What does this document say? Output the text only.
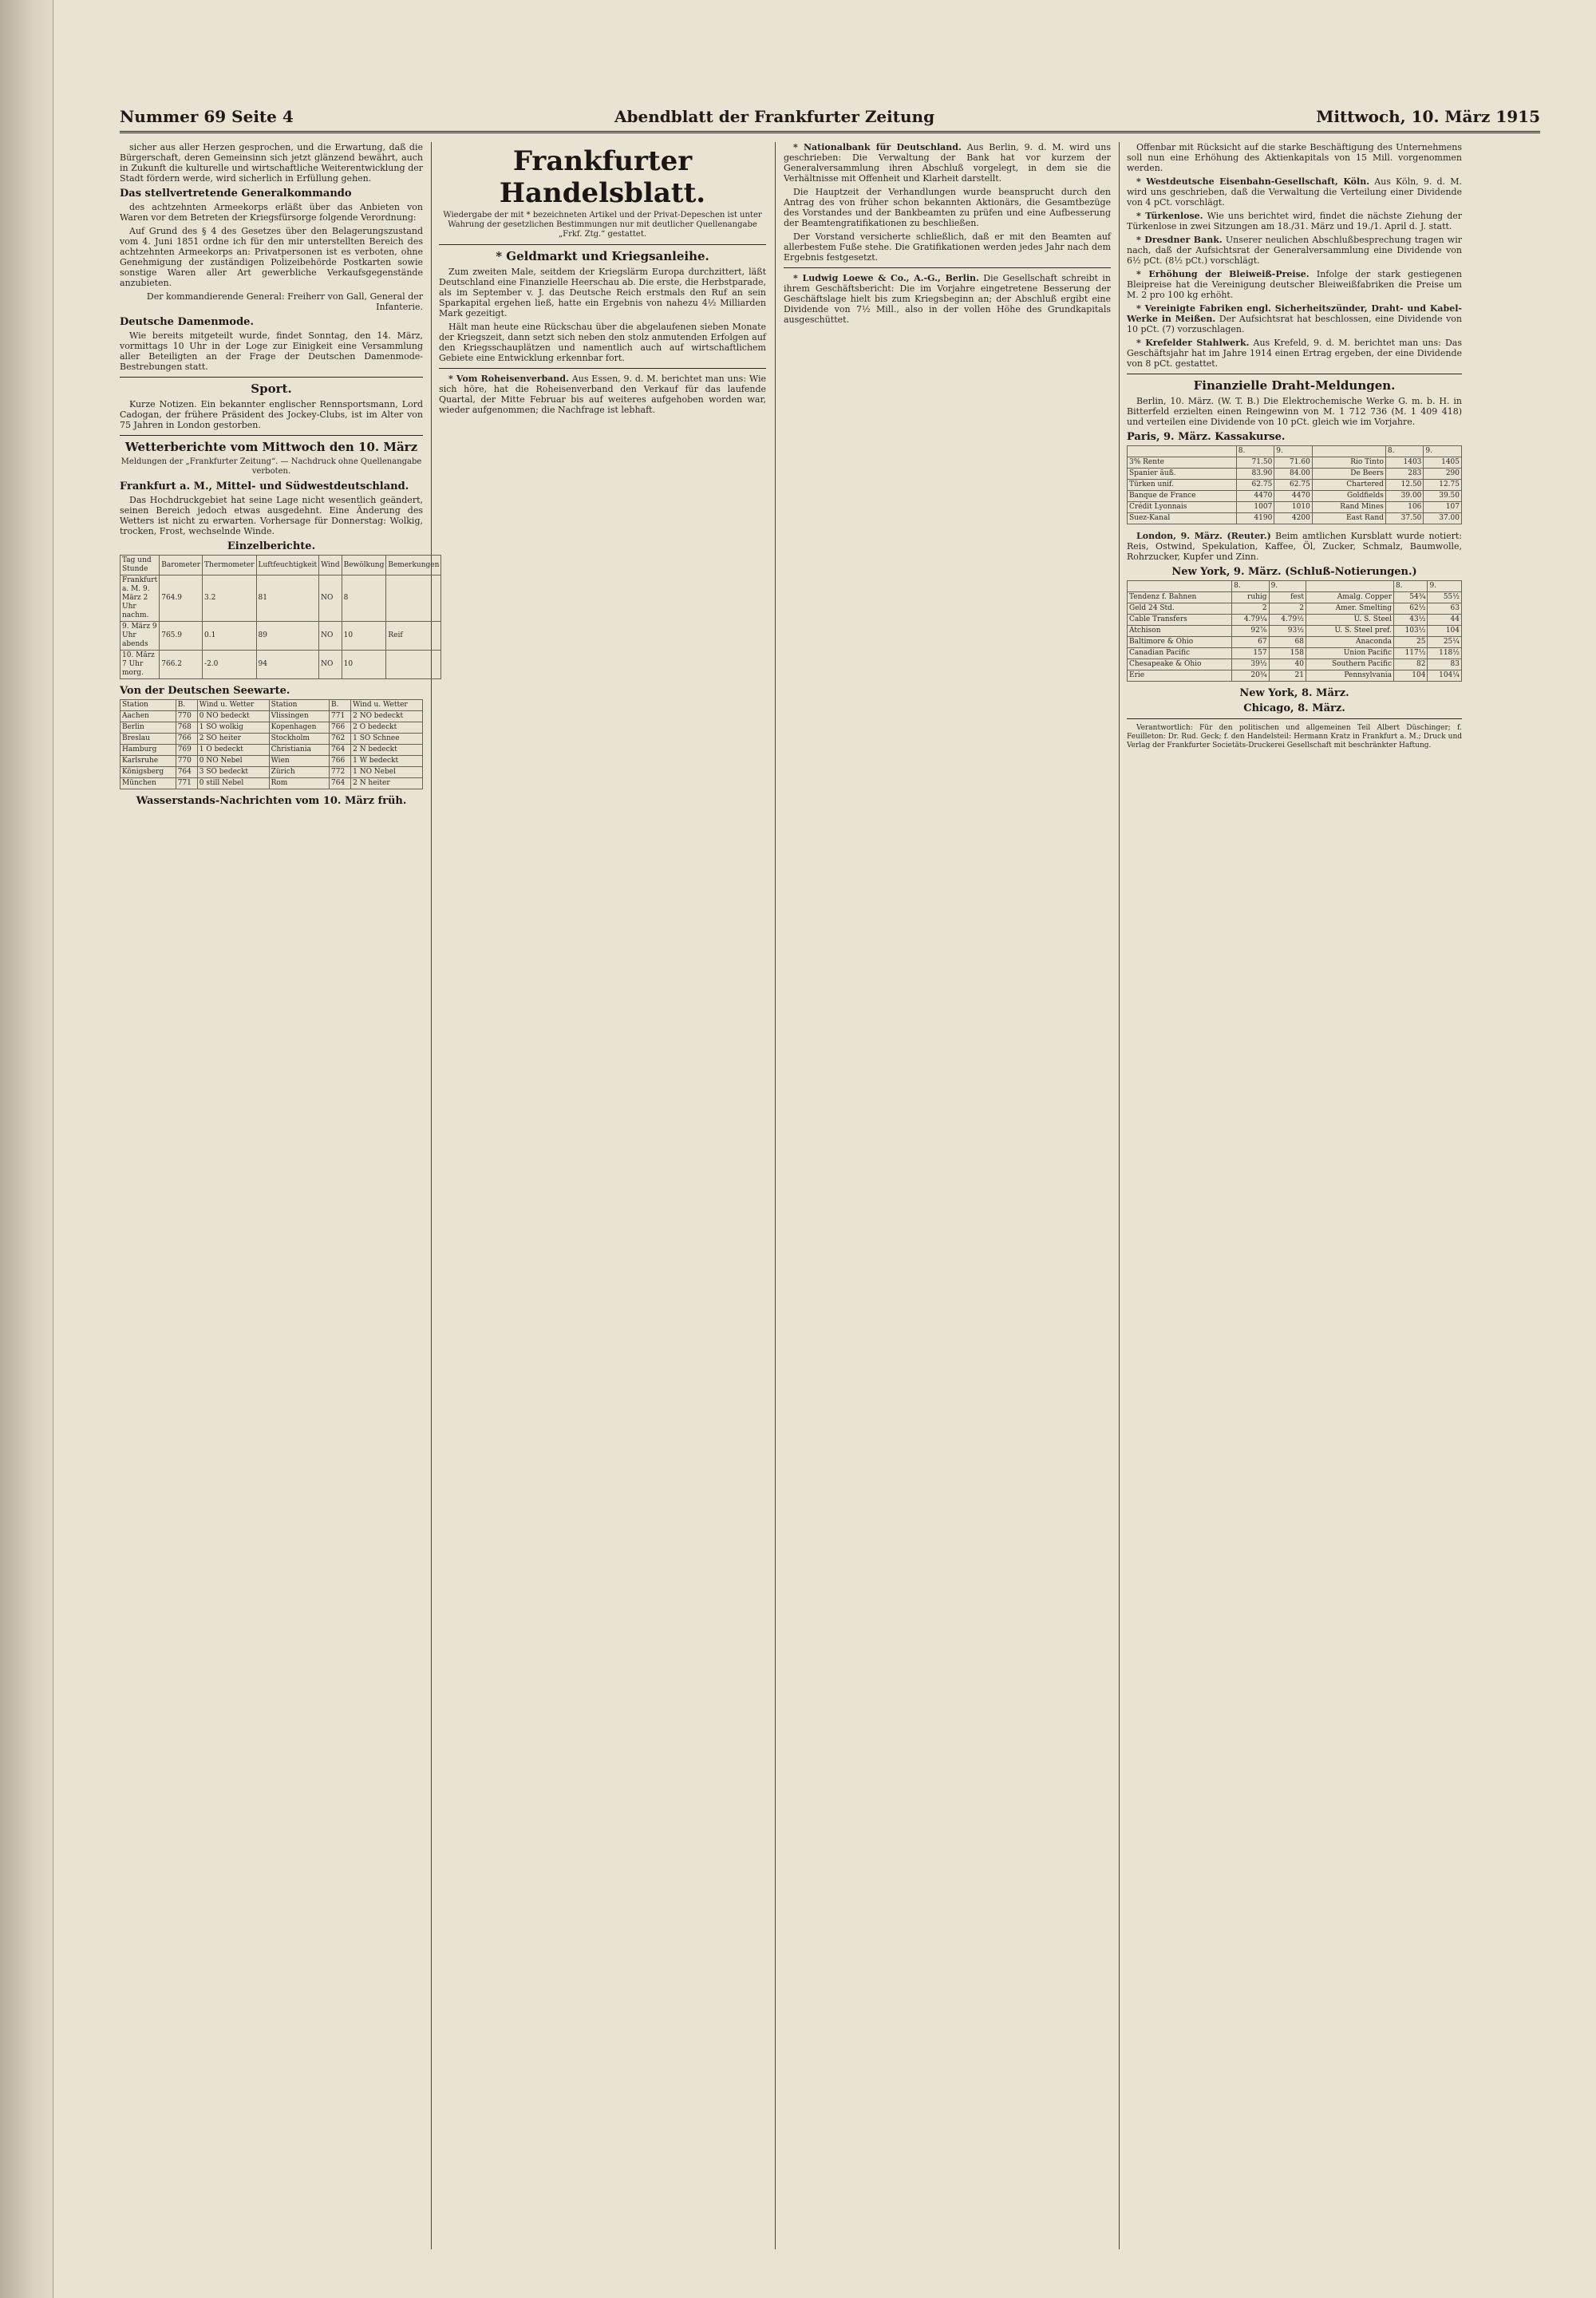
Nummer 69 Seite 4	Abendblatt der Frankfurter Zeitung	Mittwoch, 10. März 1915

sicher aus aller Herzen gesprochen, und die Erwartung, daß die Bürgerschaft, deren Gemeinsinn sich jetzt glänzend bewährt, auch in Zukunft die kulturelle und wirtschaftliche Weiterentwicklung der Stadt fördern werde, wird sicherlich in Erfüllung gehen.

Das stellvertretende Generalkommando

des achtzehnten Armeekorps erläßt über das Anbieten von Waren vor dem Betreten der Kriegsfürsorge folgende Verordnung:

Auf Grund des § 4 des Gesetzes über den Belagerungszustand vom 4. Juni 1851 ordne ich für den mir unterstellten Bereich des achtzehnten Armeekorps an: Privatpersonen ist es verboten, ohne Genehmigung der zuständigen Polizeibehörde Postkarten sowie sonstige Waren aller Art gewerbliche Verkaufsgegenstände anzubieten.

Der kommandierende General: Freiherr von Gall, General der Infanterie.

Deutsche Damenmode.

Wie bereits mitgeteilt wurde, findet Sonntag, den 14. März, vormittags 10 Uhr in der Loge zur Einigkeit eine Versammlung aller Beteiligten an der Frage der Deutschen Damenmode-Bestrebungen statt.

Sport.

Kurze Notizen. Ein bekannter englischer Rennsportsmann, Lord Cadogan, der frühere Präsident des Jockey-Clubs, ist im Alter von 75 Jahren in London gestorben.

Wetterberichte vom Mittwoch den 10. März
Meldungen der „Frankfurter Zeitung“. — Nachdruck ohne Quellenangabe verboten.
Frankfurt a. M., Mittel- und Südwestdeutschland.

Das Hochdruckgebiet hat seine Lage nicht wesentlich geändert, seinen Bereich jedoch etwas ausgedehnt. Eine Änderung des Wetters ist nicht zu erwarten. Vorhersage für Donnerstag: Wolkig, trocken, Frost, wechselnde Winde.

Einzelberichte.
Tag und Stunde	Barometer	Thermometer	Luftfeuchtigkeit	Wind	Bewölkung	Bemerkungen
Frankfurt a. M. 9. März 2 Uhr nachm.	764.9	3.2	81	NO	8	
9. März 9 Uhr abends	765.9	0.1	89	NO	10	Reif
10. März 7 Uhr morg.	766.2	-2.0	94	NO	10	
Von der Deutschen Seewarte.
Station	B.	Wind u. Wetter	Station	B.	Wind u. Wetter
Aachen	770	0 NO bedeckt	Vlissingen	771	2 NO bedeckt
Berlin	768	1 SO wolkig	Kopenhagen	766	2 O bedeckt
Breslau	766	2 SO heiter	Stockholm	762	1 SO Schnee
Hamburg	769	1 O bedeckt	Christiania	764	2 N bedeckt
Karlsruhe	770	0 NO Nebel	Wien	766	1 W bedeckt
Königsberg	764	3 SO bedeckt	Zürich	772	1 NO Nebel
München	771	0 still Nebel	Rom	764	2 N heiter
Wasserstands-Nachrichten vom 10. März früh.
Frankfurter Handelsblatt.
Wiedergabe der mit * bezeichneten Artikel und der Privat-Depeschen ist unter Wahrung der gesetzlichen Bestimmungen nur mit deutlicher Quellenangabe „Frkf. Ztg.“ gestattet.
* Geldmarkt und Kriegsanleihe.

Zum zweiten Male, seitdem der Kriegslärm Europa durchzittert, läßt Deutschland eine Finanzielle Heerschau ab. Die erste, die Herbstparade, als im September v. J. das Deutsche Reich erstmals den Ruf an sein Sparkapital ergehen ließ, hatte ein Ergebnis von nahezu 4½ Milliarden Mark gezeitigt.

Hält man heute eine Rückschau über die abgelaufenen sieben Monate der Kriegszeit, dann setzt sich neben den stolz anmutenden Erfolgen auf den Kriegsschauplätzen und namentlich auch auf wirtschaftlichem Gebiete eine Entwicklung erkennbar fort.

* Vom Roheisenverband. Aus Essen, 9. d. M. berichtet man uns: Wie sich höre, hat die Roheisenverband den Verkauf für das laufende Quartal, der Mitte Februar bis auf weiteres aufgehoben worden war, wieder aufgenommen; die Nachfrage ist lebhaft.

* Nationalbank für Deutschland. Aus Berlin, 9. d. M. wird uns geschrieben: Die Verwaltung der Bank hat vor kurzem der Generalversammlung ihren Abschluß vorgelegt, in dem sie die Verhältnisse mit Offenheit und Klarheit darstellt.

Die Hauptzeit der Verhandlungen wurde beansprucht durch den Antrag des von früher schon bekannten Aktionärs, die Gesamtbezüge des Vorstandes und der Bankbeamten zu prüfen und eine Aufbesserung der Beamtengratifikationen zu beschließen.

Der Vorstand versicherte schließlich, daß er mit den Beamten auf allerbestem Fuße stehe. Die Gratifikationen werden jedes Jahr nach dem Ergebnis festgesetzt.

* Ludwig Loewe & Co., A.-G., Berlin. Die Gesellschaft schreibt in ihrem Geschäftsbericht: Die im Vorjahre eingetretene Besserung der Geschäftslage hielt bis zum Kriegsbeginn an; der Abschluß ergibt eine Dividende von 7½ Mill., also in der vollen Höhe des Grundkapitals ausgeschüttet.

Offenbar mit Rücksicht auf die starke Beschäftigung des Unternehmens soll nun eine Erhöhung des Aktienkapitals von 15 Mill. vorgenommen werden.

* Westdeutsche Eisenbahn-Gesellschaft, Köln. Aus Köln, 9. d. M. wird uns geschrieben, daß die Verwaltung die Verteilung einer Dividende von 4 pCt. vorschlägt.

* Türkenlose. Wie uns berichtet wird, findet die nächste Ziehung der Türkenlose in zwei Sitzungen am 18./31. März und 19./1. April d. J. statt.

* Dresdner Bank. Unserer neulichen Abschlußbesprechung tragen wir nach, daß der Aufsichtsrat der Generalversammlung eine Dividende von 6½ pCt. (8½ pCt.) vorschlägt.

* Erhöhung der Bleiweiß-Preise. Infolge der stark gestiegenen Bleipreise hat die Vereinigung deutscher Bleiweißfabriken die Preise um M. 2 pro 100 kg erhöht.

* Vereinigte Fabriken engl. Sicherheitszünder, Draht- und Kabel-Werke in Meißen. Der Aufsichtsrat hat beschlossen, eine Dividende von 10 pCt. (7) vorzuschlagen.

* Krefelder Stahlwerk. Aus Krefeld, 9. d. M. berichtet man uns: Das Geschäftsjahr hat im Jahre 1914 einen Ertrag ergeben, der eine Dividende von 8 pCt. gestattet.

Finanzielle Draht-Meldungen.

Berlin, 10. März. (W. T. B.) Die Elektrochemische Werke G. m. b. H. in Bitterfeld erzielten einen Reingewinn von M. 1 712 736 (M. 1 409 418) und verteilen eine Dividende von 10 pCt. gleich wie im Vorjahre.

Paris, 9. März. Kassakurse.
	8.	9.		8.	9.
3% Rente	71.50	71.60	Rio Tinto	1403	1405
Spanier äuß.	83.90	84.00	De Beers	283	290
Türken unif.	62.75	62.75	Chartered	12.50	12.75
Banque de France	4470	4470	Goldfields	39.00	39.50
Crédit Lyonnais	1007	1010	Rand Mines	106	107
Suez-Kanal	4190	4200	East Rand	37.50	37.00

London, 9. März. (Reuter.) Beim amtlichen Kursblatt wurde notiert: Reis, Ostwind, Spekulation, Kaffee, Öl, Zucker, Schmalz, Baumwolle, Rohrzucker, Kupfer und Zinn.

New York, 9. März. (Schluß-Notierungen.)
	8.	9.		8.	9.
Tendenz f. Bahnen	ruhig	fest	Amalg. Copper	54¾	55½
Geld 24 Std.	2	2	Amer. Smelting	62½	63
Cable Transfers	4.79¼	4.79½	U. S. Steel	43½	44
Atchison	92⅞	93½	U. S. Steel pref.	103½	104
Baltimore & Ohio	67	68	Anaconda	25	25¼
Canadian Pacific	157	158	Union Pacific	117½	118½
Chesapeake & Ohio	39½	40	Southern Pacific	82	83
Erie	20¾	21	Pennsylvania	104	104¼
New York, 8. März.
Chicago, 8. März.

Verantwortlich: Für den politischen und allgemeinen Teil Albert Düschinger; f. Feuilleton: Dr. Rud. Geck; f. den Handelsteil: Hermann Kratz in Frankfurt a. M.; Druck und Verlag der Frankfurter Societäts-Druckerei Gesellschaft mit beschränkter Haftung.
